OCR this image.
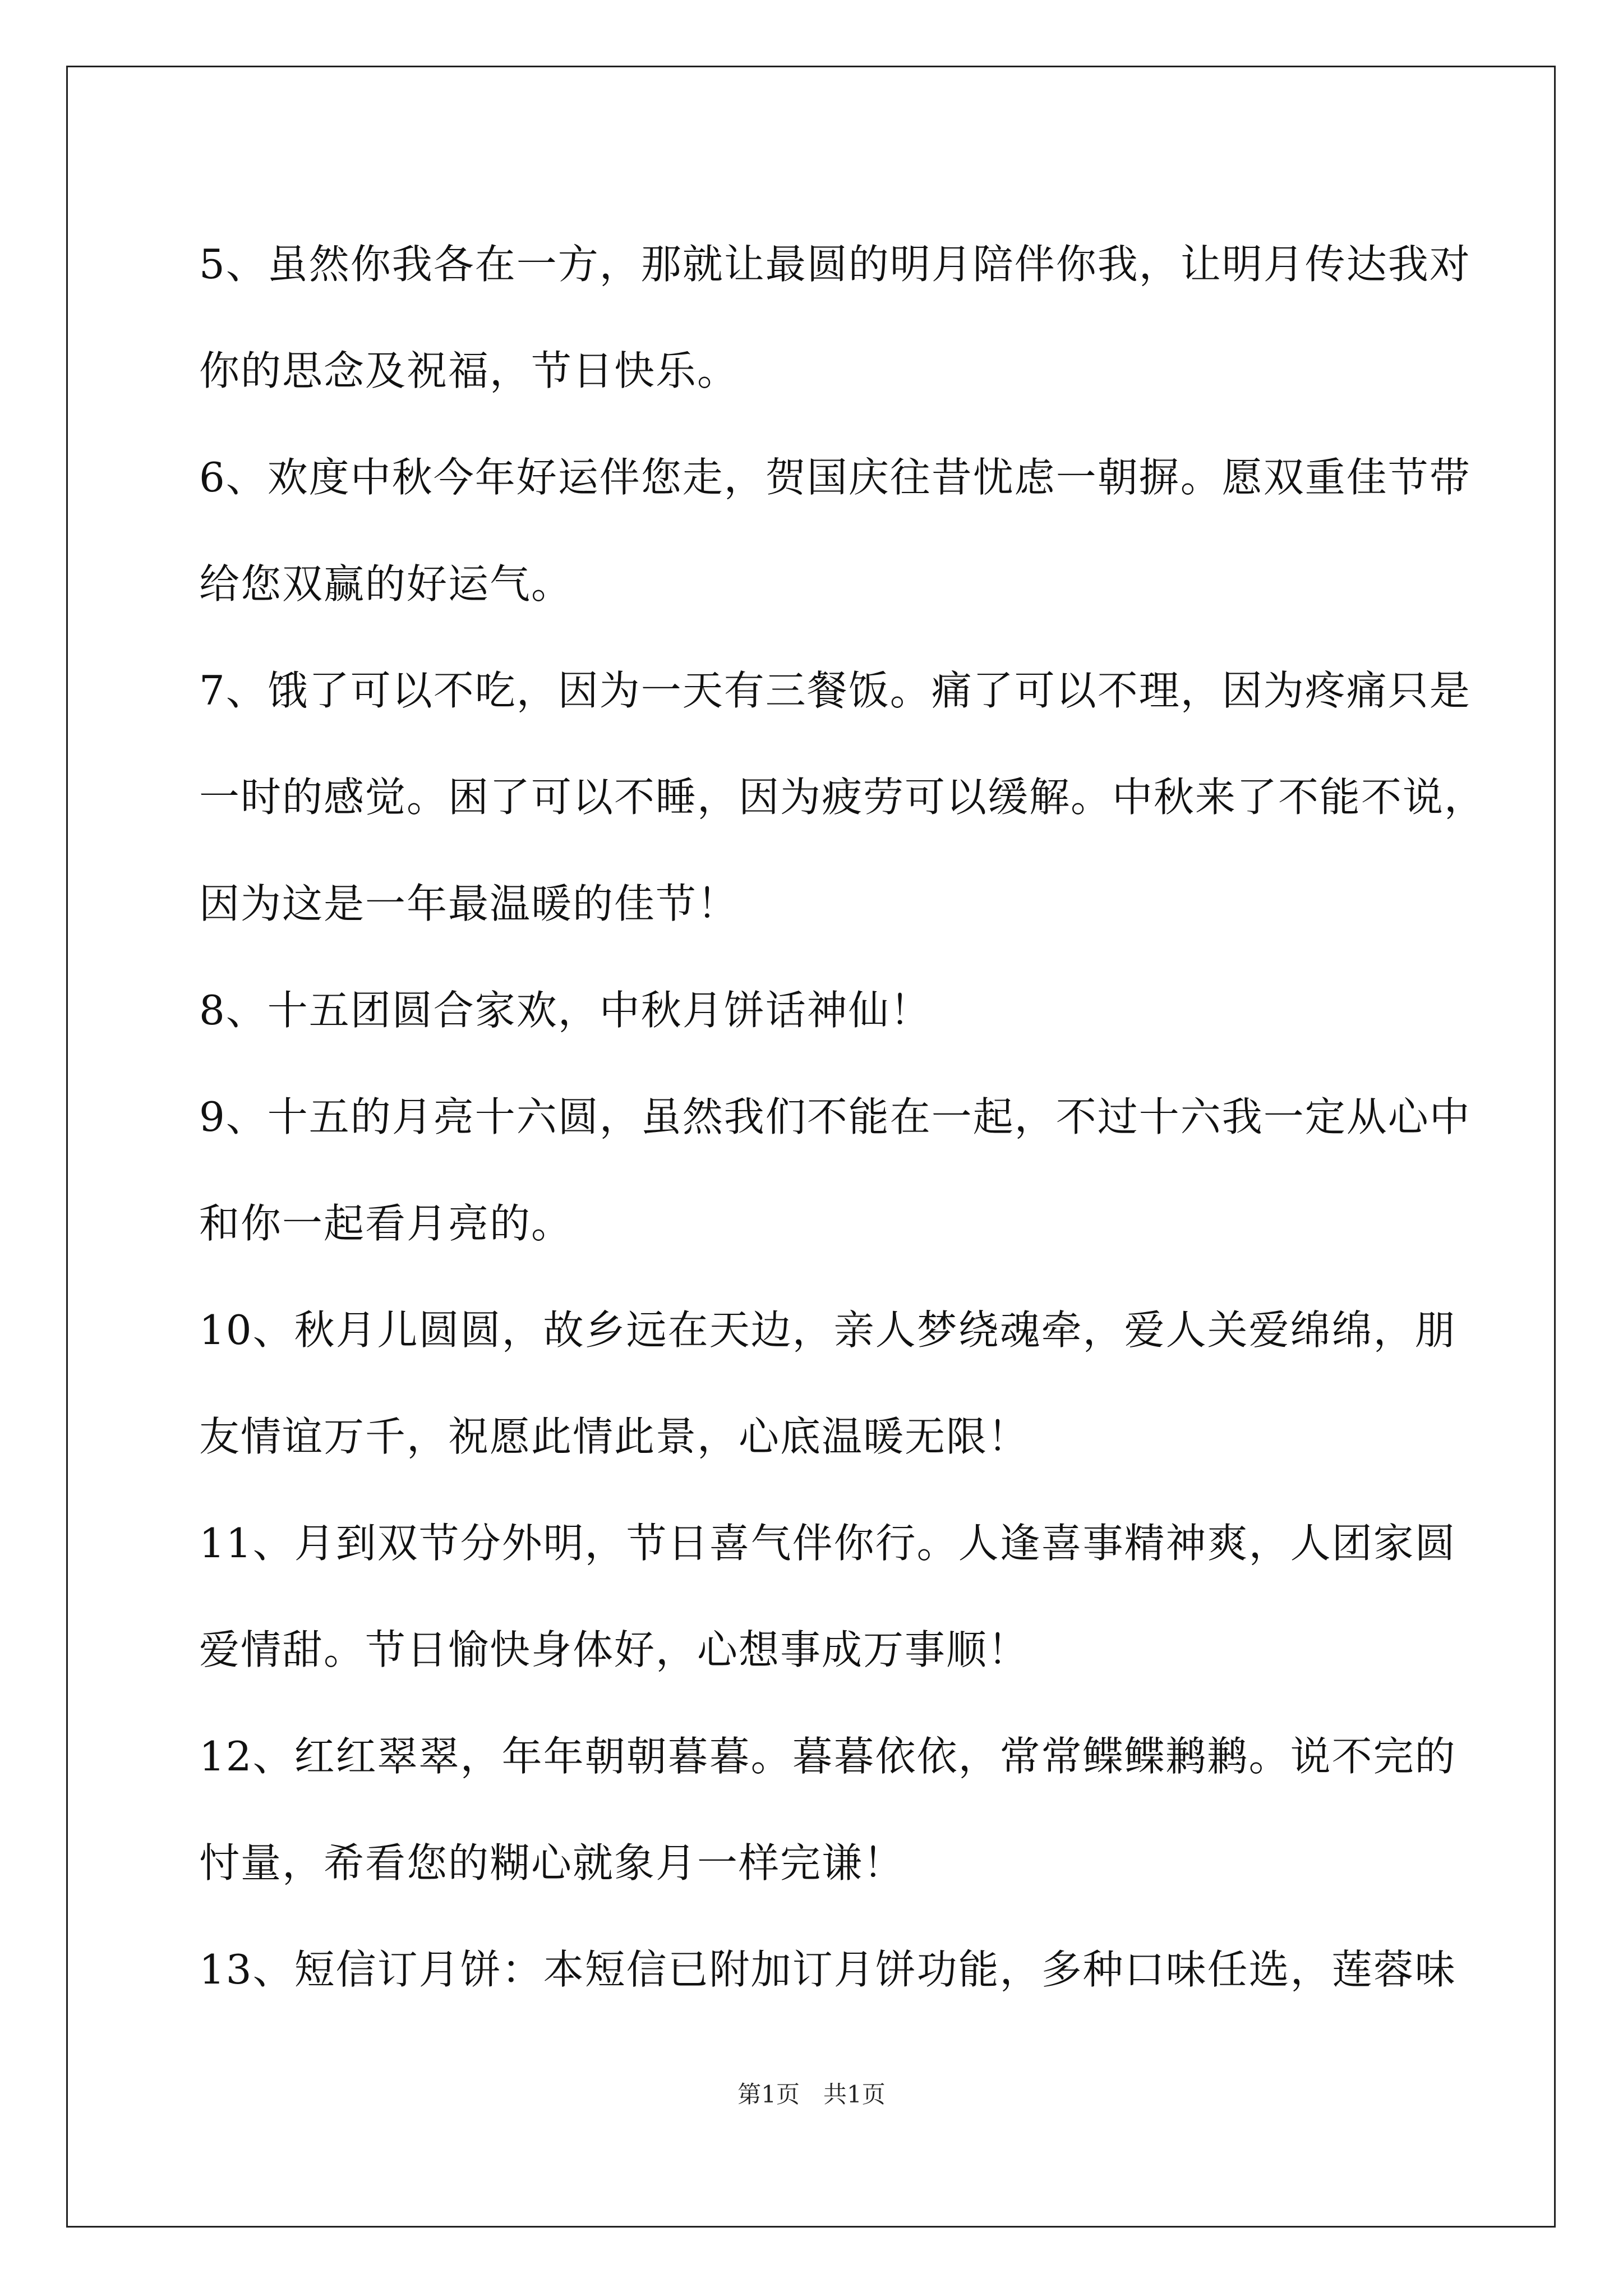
5、虽然你我各在一方，那就让最圆的明月陪伴你我，让明月传达我对

你的思念及祝福，节日快乐。

6、欢度中秋今年好运伴您走，贺国庆往昔忧虑一朝摒。愿双重佳节带

给您双赢的好运气。

7、饿了可以不吃，因为一天有三餐饭。痛了可以不理，因为疼痛只是

一时的感觉。困了可以不睡，因为疲劳可以缓解。中秋来了不能不说，

因为这是一年最温暖的佳节！

8、十五团圆合家欢，中秋月饼话神仙！

9、十五的月亮十六圆，虽然我们不能在一起，不过十六我一定从心中

和你一起看月亮的。

10、秋月儿圆圆，故乡远在天边，亲人梦绕魂牵，爱人关爱绵绵，朋

友情谊万千，祝愿此情此景，心底温暖无限！

11、月到双节分外明，节日喜气伴你行。人逢喜事精神爽，人团家圆

爱情甜。节日愉快身体好，心想事成万事顺！

12、红红翠翠，年年朝朝暮暮。暮暮依依，常常鲽鲽鹣鹣。说不完的

忖量，希看您的糊心就象月一样完谦！

13、短信订月饼：本短信已附加订月饼功能，多种口味任选，莲蓉味

第1页　共1页
